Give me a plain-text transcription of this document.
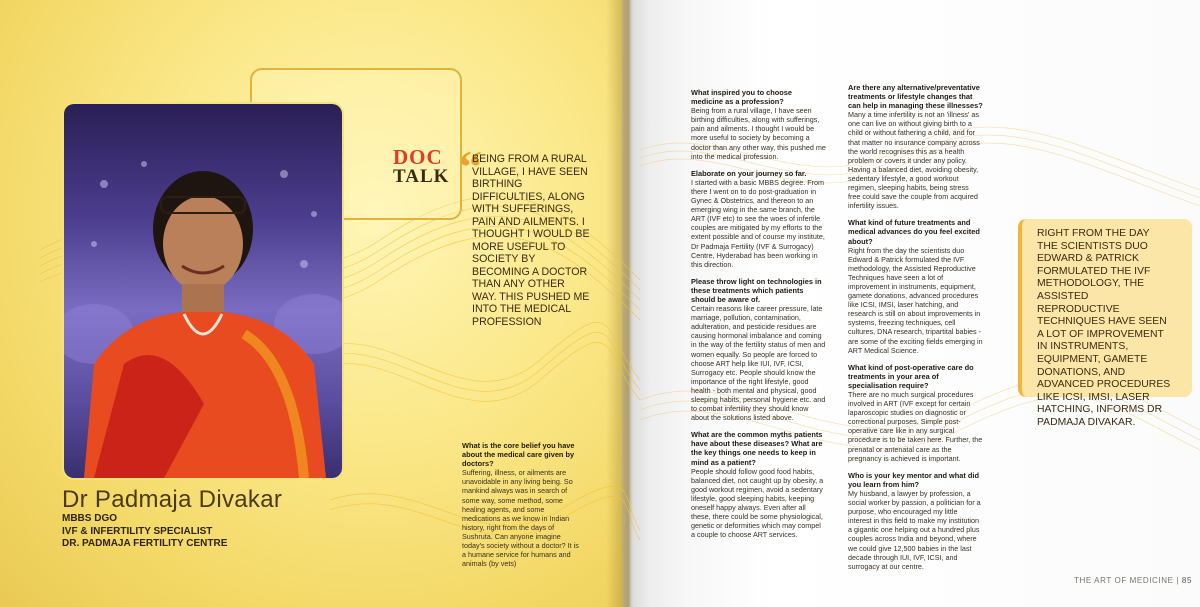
DOC
TALK “
BEING FROM A RURAL VILLAGE, I HAVE SEEN BIRTHING DIFFICULTIES, ALONG WITH SUFFERINGS, PAIN AND AILMENTS. I THOUGHT I WOULD BE MORE USEFUL TO SOCIETY BY BECOMING A DOCTOR THAN ANY OTHER WAY. THIS PUSHED ME INTO THE MEDICAL PROFESSION
Dr Padmaja Divakar
MBBS DGO
IVF & INFERTILITY SPECIALIST
DR. PADMAJA FERTILITY CENTRE
What is the core belief you have about the medical care given by doctors?
Suffering, illness, or ailments are unavoidable in any living being. So mankind always was in search of some way, some method, some healing agents, and some medications as we know in Indian history, right from the days of Sushruta. Can anyone imagine today's society without a doctor? It is a humane service for humans and animals (by vets)
What inspired you to choose medicine as a profession?
Being from a rural village, I have seen birthing difficulties, along with sufferings, pain and ailments. I thought I would be more useful to society by becoming a doctor than any other way, this pushed me into the medical profession.
Elaborate on your journey so far.
I started with a basic MBBS degree. From there I went on to do post-graduation in Gynec & Obstetrics, and thereon to an emerging wing in the same branch, the ART (IVF etc) to see the woes of infertile couples are mitigated by my efforts to the extent possible and of course my institute, Dr Padmaja Fertility (IVF & Surrogacy) Centre, Hyderabad has been working in this direction.
Please throw light on technologies in these treatments which patients should be aware of.
Certain reasons like career pressure, late marriage, pollution, contamination, adulteration, and pesticide residues are causing hormonal imbalance and coming in the way of the fertility status of men and women equally. So people are forced to choose ART help like IUI, IVF, ICSI, Surrogacy etc. People should know the importance of the right lifestyle, good health - both mental and physical, good sleeping habits, personal hygiene etc. and to combat infertility they should know about the solutions listed above.
What are the common myths patients have about these diseases? What are the key things one needs to keep in mind as a patient?
People should follow good food habits, balanced diet, not caught up by obesity, a good workout regimen, avoid a sedentary lifestyle, good sleeping habits, keeping oneself happy always. Even after all these, there could be some physiological, genetic or deformities which may compel a couple to choose ART services.
Are there any alternative/preventative treatments or lifestyle changes that can help in managing these illnesses?
Many a time infertility is not an 'illness' as one can live on without giving birth to a child or without fathering a child, and for that matter no insurance company across the world recognises this as a health problem or covers it under any policy. Having a balanced diet, avoiding obesity, sedentary lifestyle, a good workout regimen, sleeping habits, being stress free could save the couple from acquired infertility issues.
What kind of future treatments and medical advances do you feel excited about?
Right from the day the scientists duo Edward & Patrick formulated the IVF methodology, the Assisted Reproductive Techniques have seen a lot of improvement in instruments, equipment, gamete donations, advanced procedures like ICSI, IMSI, laser hatching, and research is still on about improvements in systems, freezing techniques, cell cultures, DNA research, tripartital babies - are some of the exciting fields emerging in ART Medical Science.
What kind of post-operative care do treatments in your area of specialisation require?
There are no much surgical procedures involved in ART (IVF except for certain laparoscopic studies on diagnostic or correctional purposes. Simple post-operative care like in any surgical procedure is to be taken here. Further, the prenatal or antenatal care as the pregnancy is achieved is important.
Who is your key mentor and what did you learn from him?
My husband, a lawyer by profession, a social worker by passion, a politician for a purpose, who encouraged my little interest in this field to make my institution a gigantic one helping out a hundred plus couples across India and beyond, where we could give 12,500 babies in the last decade through IUI, IVF, ICSI, and surrogacy at our centre.
RIGHT FROM THE DAY THE SCIENTISTS DUO EDWARD & PATRICK FORMULATED THE IVF METHODOLOGY, THE ASSISTED REPRODUCTIVE TECHNIQUES HAVE SEEN A LOT OF IMPROVEMENT IN INSTRUMENTS, EQUIPMENT, GAMETE DONATIONS, AND ADVANCED PROCEDURES LIKE ICSI, IMSI, LASER HATCHING, INFORMS DR PADMAJA DIVAKAR.
THE ART OF MEDICINE | 85
